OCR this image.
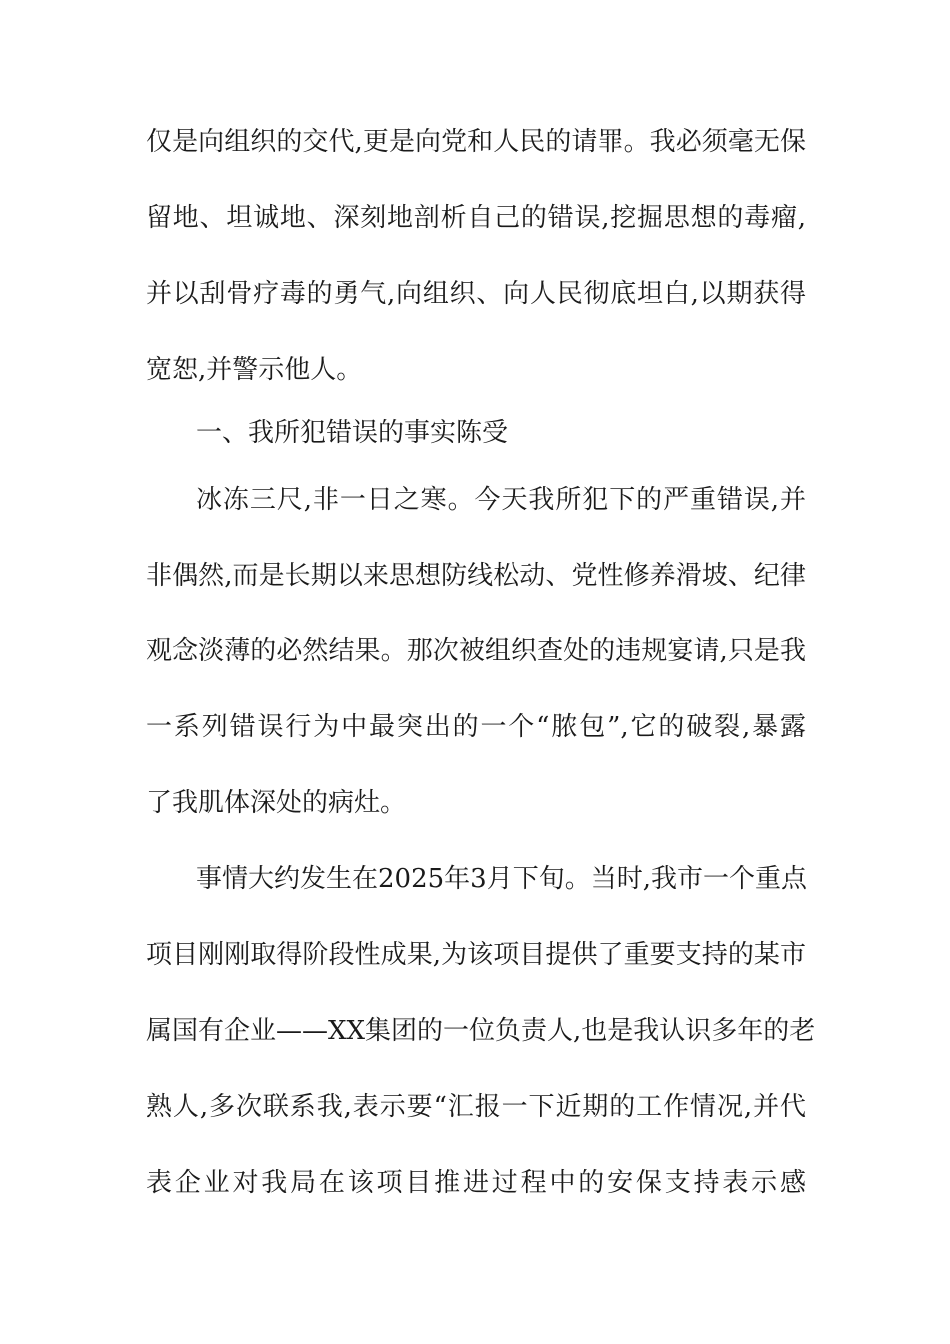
仅是向组织的交代,更是向党和人民的请罪。我必须毫无保
留地、坦诚地、深刻地剖析自己的错误,挖掘思想的毒瘤,
并以刮骨疗毒的勇气,向组织、向人民彻底坦白,以期获得
宽恕,并警示他人。
一、我所犯错误的事实陈受
冰冻三尺,非一日之寒。今天我所犯下的严重错误,并
非偶然,而是长期以来思想防线松动、党性修养滑坡、纪律
观念淡薄的必然结果。那次被组织查处的违规宴请,只是我
一系列错误行为中最突出的一个“脓包”,它的破裂,暴露
了我肌体深处的病灶。
事情大约发生在2025年3月下旬。当时,我市一个重点
项目刚刚取得阶段性成果,为该项目提供了重要支持的某市
属国有企业——XX集团的一位负责人,也是我认识多年的老
熟人,多次联系我,表示要“汇报一下近期的工作情况,并代
表企业对我局在该项目推进过程中的安保支持表示感
